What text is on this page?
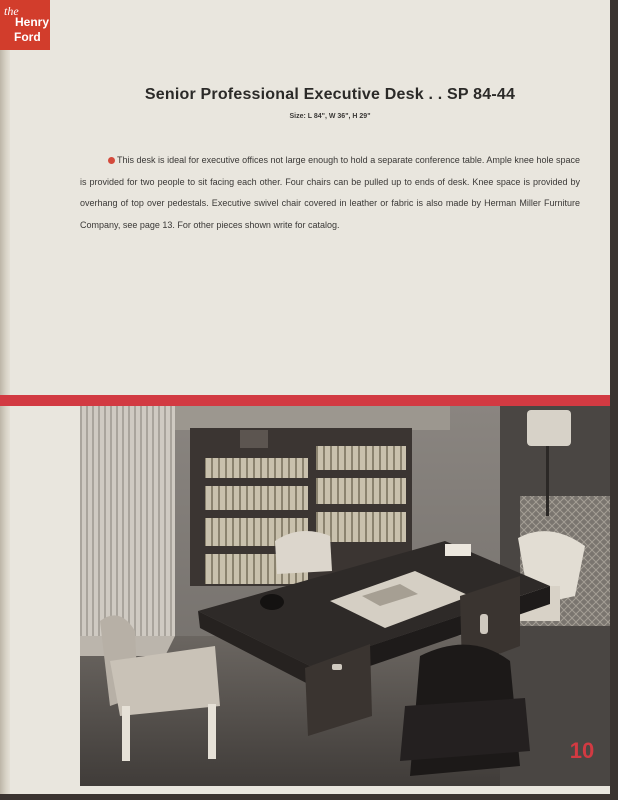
the
Henry
Ford
Senior Professional Executive Desk . . SP 84-44
Size: L 84", W 36", H 29"
This desk is ideal for executive offices not large enough to hold a separate conference table. Ample knee hole space is provided for two people to sit facing each other. Four chairs can be pulled up to ends of desk. Knee space is provided by overhang of top over pedestals. Executive swivel chair covered in leather or fabric is also made by Herman Miller Furniture Company, see page 13. For other pieces shown write for catalog.
10
